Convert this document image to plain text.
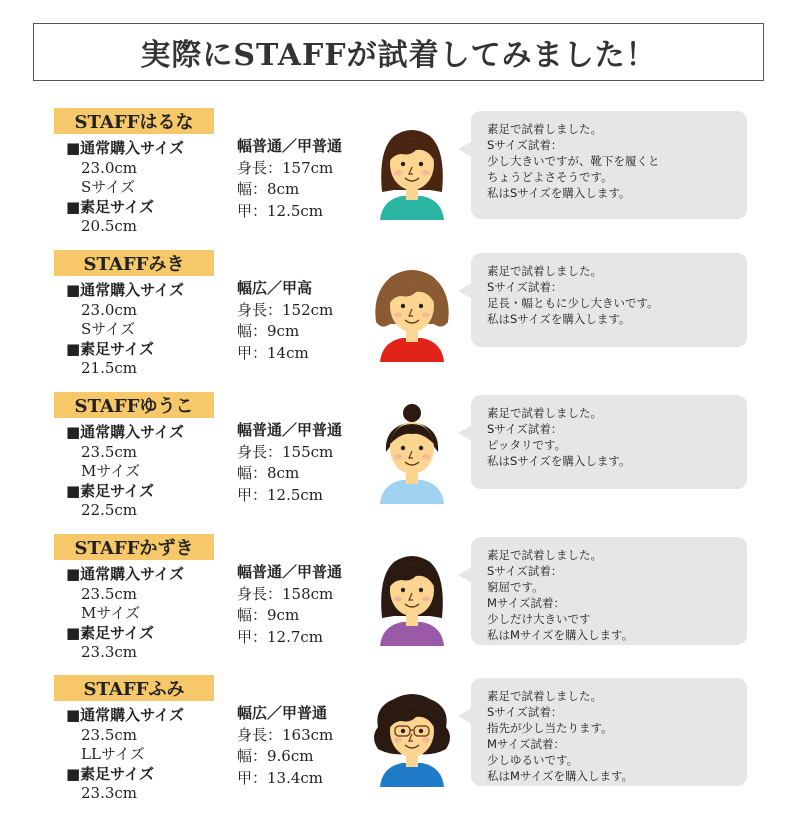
実際にSTAFFが試着してみました！
STAFFはるな
■通常購入サイズ
23.0cm
Sサイズ
■素足サイズ
20.5cm
幅普通／甲普通
身長：157cm
幅：8cm
甲：12.5cm
素足で試着しました。
Sサイズ試着：
少し大きいですが、靴下を履くと
ちょうどよさそうです。
私はSサイズを購入します。
STAFFみき
■通常購入サイズ
23.0cm
Sサイズ
■素足サイズ
21.5cm
幅広／甲高
身長：152cm
幅：9cm
甲：14cm
素足で試着しました。
Sサイズ試着：
足長・幅ともに少し大きいです。
私はSサイズを購入します。
STAFFゆうこ
■通常購入サイズ
23.5cm
Mサイズ
■素足サイズ
22.5cm
幅普通／甲普通
身長：155cm
幅：8cm
甲：12.5cm
素足で試着しました。
Sサイズ試着：
ピッタリです。
私はSサイズを購入します。
STAFFかずき
■通常購入サイズ
23.5cm
Mサイズ
■素足サイズ
23.3cm
幅普通／甲普通
身長：158cm
幅：9cm
甲：12.7cm
素足で試着しました。
Sサイズ試着：
窮屈です。
Mサイズ試着：
少しだけ大きいです
私はMサイズを購入します。
STAFFふみ
■通常購入サイズ
23.5cm
LLサイズ
■素足サイズ
23.3cm
幅広／甲普通
身長：163cm
幅：9.6cm
甲：13.4cm
素足で試着しました。
Sサイズ試着：
指先が少し当たります。
Mサイズ試着：
少しゆるいです。
私はMサイズを購入します。
